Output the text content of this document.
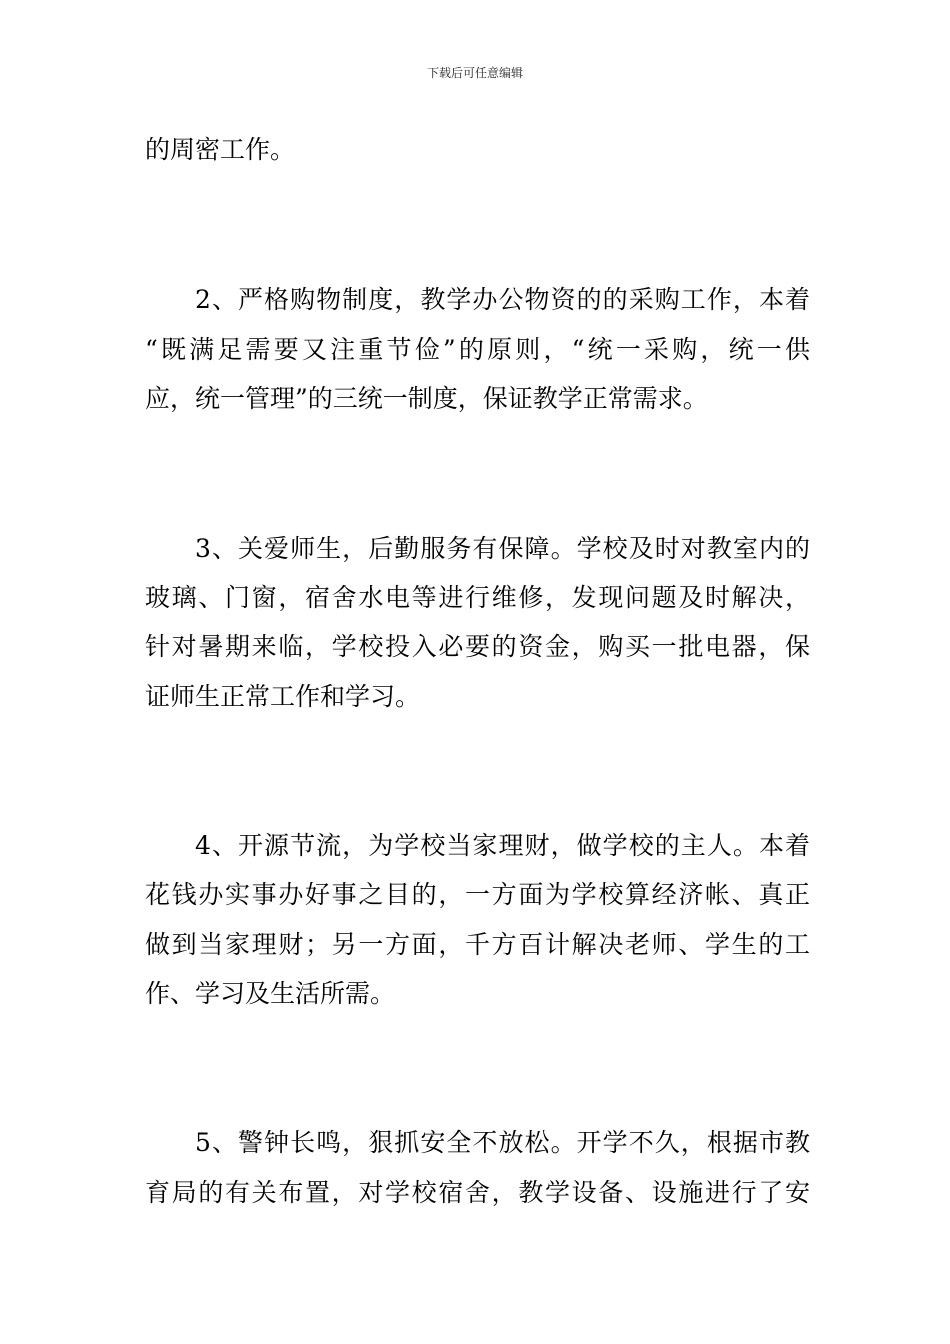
下载后可任意编辑
的周密工作。
2、严格购物制度，教学办公物资的的采购工作，本着
“既满足需要又注重节俭”的原则，“统一采购，统一供
应，统一管理”的三统一制度，保证教学正常需求。
3、关爱师生，后勤服务有保障。学校及时对教室内的
玻璃、门窗，宿舍水电等进行维修，发现问题及时解决，
针对暑期来临，学校投入必要的资金，购买一批电器，保
证师生正常工作和学习。
4、开源节流，为学校当家理财，做学校的主人。本着
花钱办实事办好事之目的，一方面为学校算经济帐、真正
做到当家理财；另一方面，千方百计解决老师、学生的工
作、学习及生活所需。
5、警钟长鸣，狠抓安全不放松。开学不久，根据市教
育局的有关布置，对学校宿舍，教学设备、设施进行了安
